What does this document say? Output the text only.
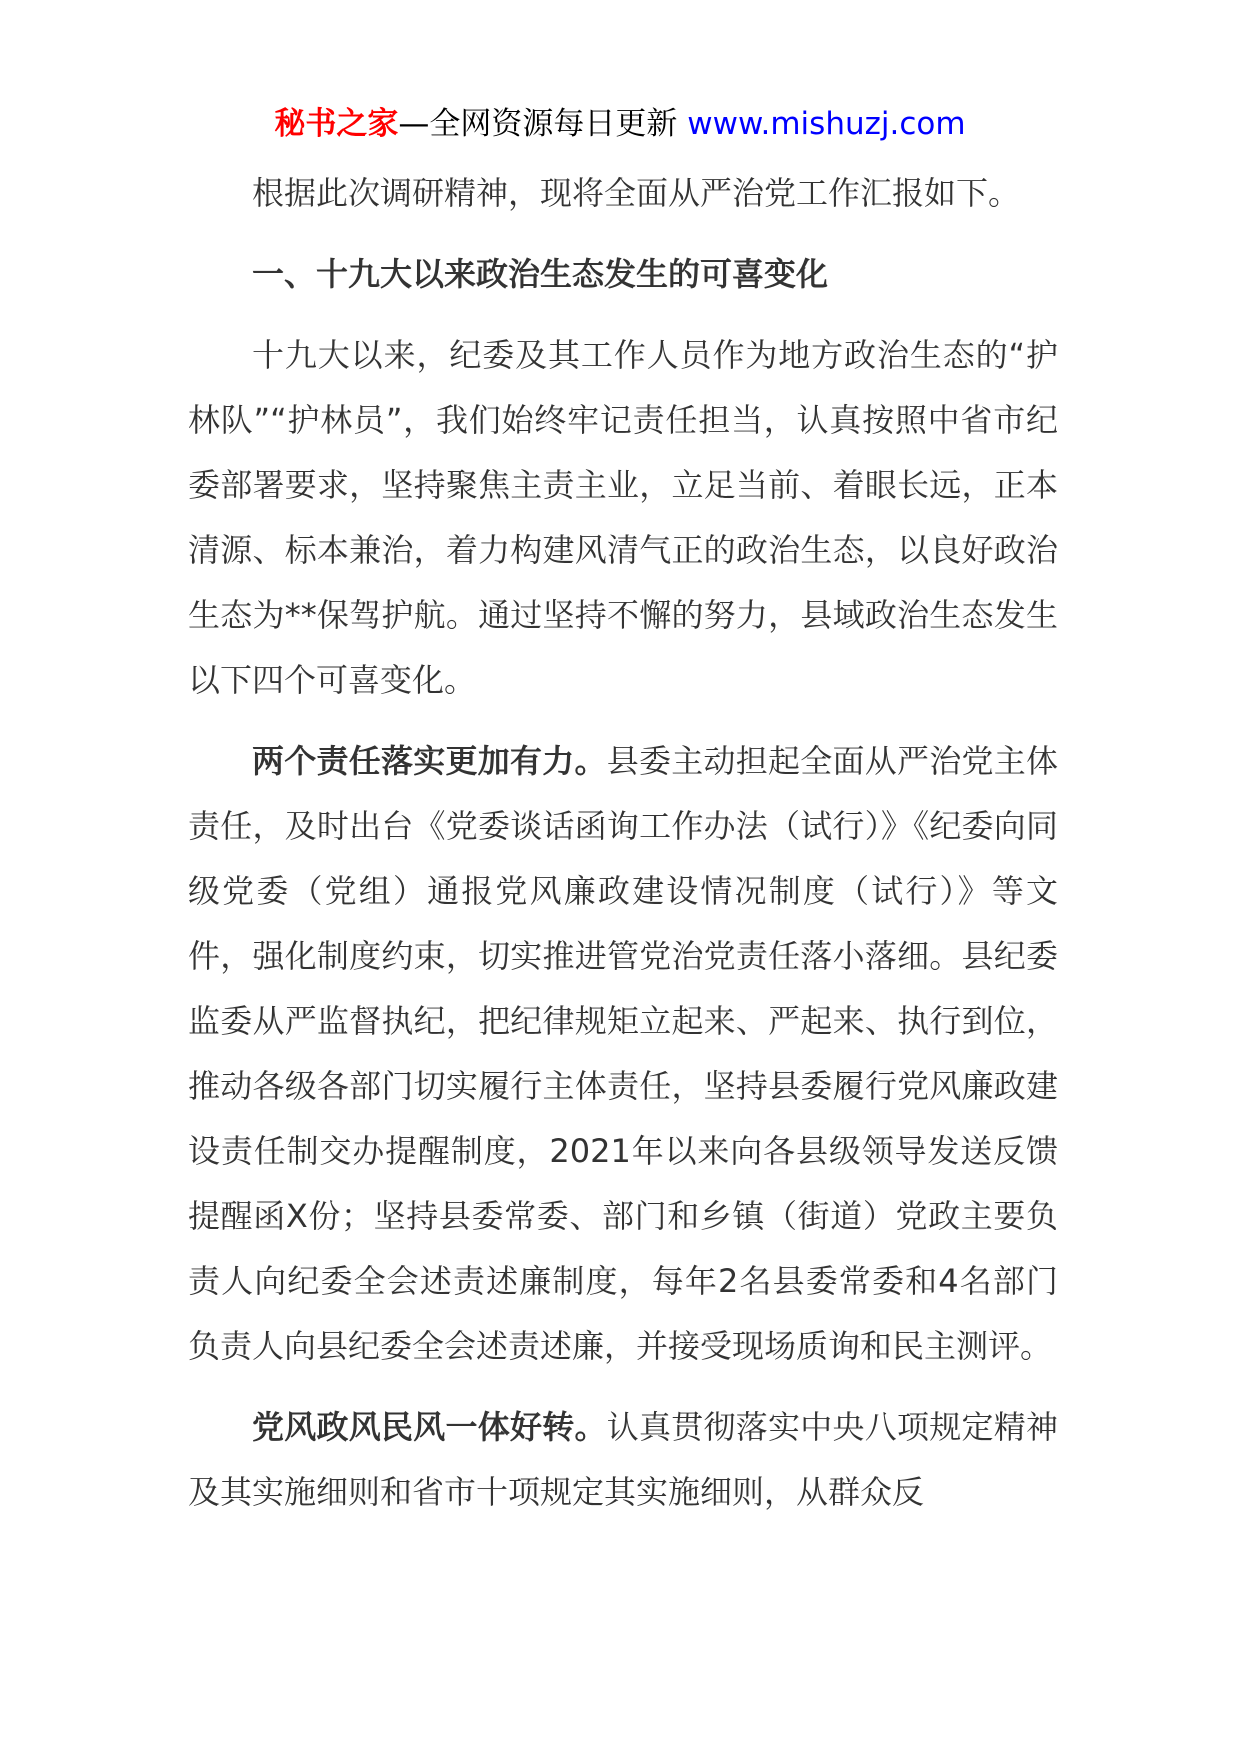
秘书之家—全网资源每日更新 www.mishuzj.com

根据此次调研精神，现将全面从严治党工作汇报如下。

一、十九大以来政治生态发生的可喜变化

十九大以来，纪委及其工作人员作为地方政治生态的“护林队”“护林员”，我们始终牢记责任担当，认真按照中省市纪委部署要求，坚持聚焦主责主业，立足当前、着眼长远，正本清源、标本兼治，着力构建风清气正的政治生态，以良好政治生态为**保驾护航。通过坚持不懈的努力，县域政治生态发生以下四个可喜变化。

两个责任落实更加有力。县委主动担起全面从严治党主体责任，及时出台《党委谈话函询工作办法（试行）》《纪委向同级党委（党组）通报党风廉政建设情况制度（试行）》等文件，强化制度约束，切实推进管党治党责任落小落细。县纪委监委从严监督执纪，把纪律规矩立起来、严起来、执行到位，推动各级各部门切实履行主体责任，坚持县委履行党风廉政建设责任制交办提醒制度，2021年以来向各县级领导发送反馈提醒函X份；坚持县委常委、部门和乡镇（街道）党政主要负责人向纪委全会述责述廉制度，每年2名县委常委和4名部门负责人向县纪委全会述责述廉，并接受现场质询和民主测评。

党风政风民风一体好转。认真贯彻落实中央八项规定精神及其实施细则和省市十项规定其实施细则，从群众反
